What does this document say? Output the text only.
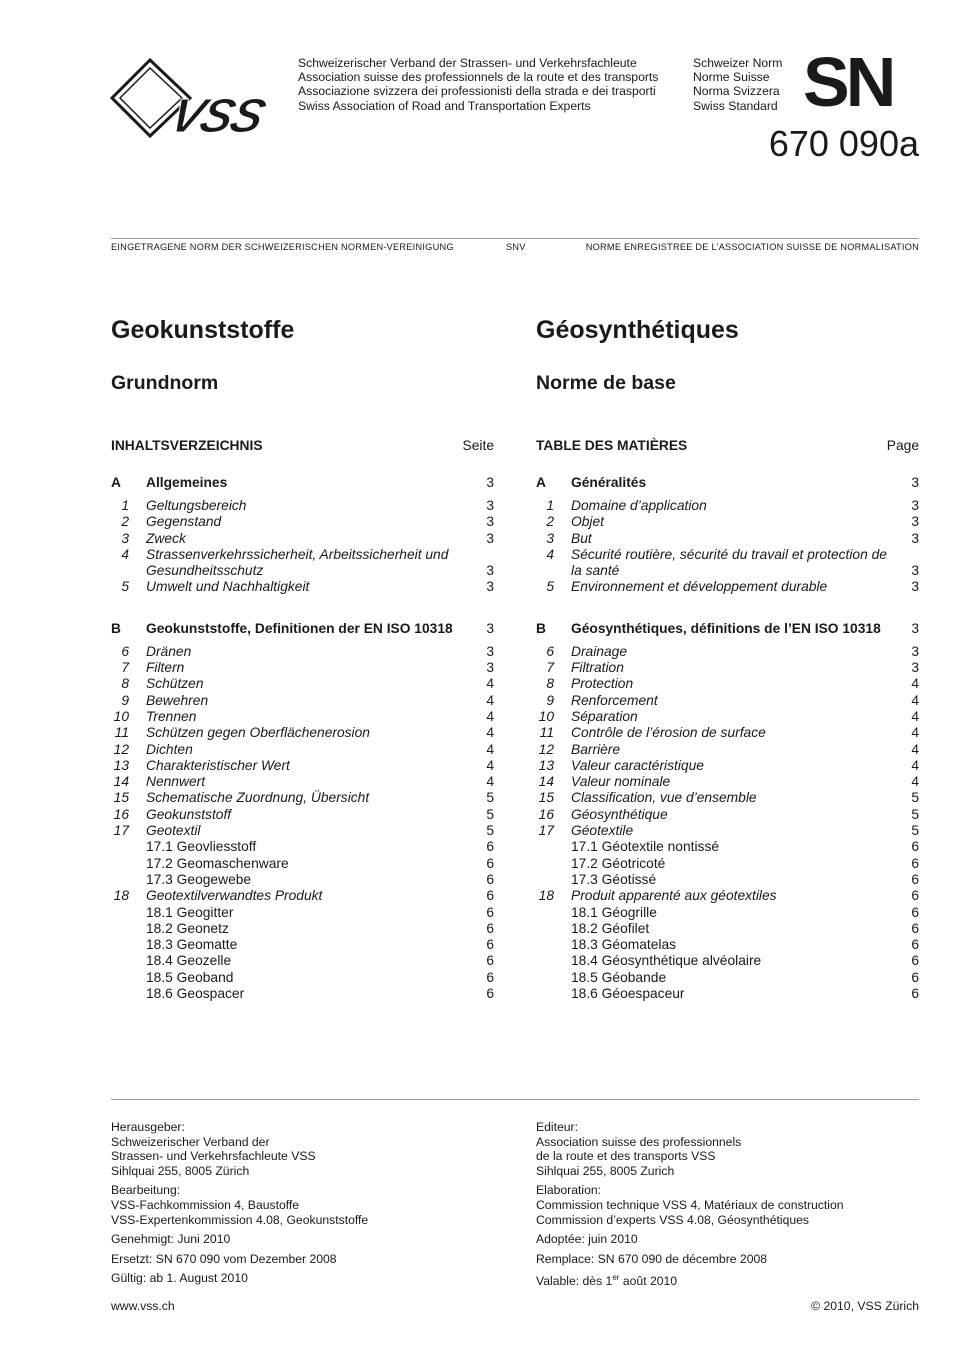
VSS
Schweizerischer Verband der Strassen- und Verkehrsfachleute
Association suisse des professionnels de la route et des transports
Associazione svizzera dei professionisti della strada e dei trasporti
Swiss Association of Road and Transportation Experts
Schweizer Norm
Norme Suisse
Norma Svizzera
Swiss Standard SN
670 090a
EINGETRAGENE NORM DER SCHWEIZERISCHEN NORMEN-VEREINIGUNG	SNV	NORME ENREGISTREE DE L’ASSOCIATION SUISSE DE NORMALISATION
Geokunststoffe
Grundnorm
INHALTSVERZEICHNIS	Seite
A	Allgemeines	3
1	Geltungsbereich	3
2	Gegenstand	3
3	Zweck	3
4	Strassenverkehrssicherheit, Arbeitssicherheit und Gesundheitsschutz	3
5	Umwelt und Nachhaltigkeit	3
B	Geokunststoffe, Definitionen der EN ISO 10318	3
6	Dränen	3
7	Filtern	3
8	Schützen	4
9	Bewehren	4
10	Trennen	4
11	Schützen gegen Oberflächenerosion	4
12	Dichten	4
13	Charakteristischer Wert	4
14	Nennwert	4
15	Schematische Zuordnung, Übersicht	5
16	Geokunststoff	5
17	Geotextil	5
17.1 Geovliesstoff	6
17.2 Geomaschenware	6
17.3 Geogewebe	6
18	Geotextilverwandtes Produkt	6
18.1 Geogitter	6
18.2 Geonetz	6
18.3 Geomatte	6
18.4 Geozelle	6
18.5 Geoband	6
18.6 Geospacer	6
Géosynthétiques
Norme de base
TABLE DES MATIÈRES	Page
A	Généralités	3
1	Domaine d’application	3
2	Objet	3
3	But	3
4	Sécurité routière, sécurité du travail et protection de la santé	3
5	Environnement et développement durable	3
B	Géosynthétiques, définitions de l’EN ISO 10318	3
6	Drainage	3
7	Filtration	3
8	Protection	4
9	Renforcement	4
10	Séparation	4
11	Contrôle de l’érosion de surface	4
12	Barrière	4
13	Valeur caractéristique	4
14	Valeur nominale	4
15	Classification, vue d’ensemble	5
16	Géosynthétique	5
17	Géotextile	5
17.1 Géotextile nontissé	6
17.2 Géotricoté	6
17.3 Géotissé	6
18	Produit apparenté aux géotextiles	6
18.1 Géogrille	6
18.2 Géofilet	6
18.3 Géomatelas	6
18.4 Géosynthétique alvéolaire	6
18.5 Géobande	6
18.6 Géoespaceur	6
Herausgeber:
Schweizerischer Verband der
Strassen- und Verkehrsfachleute VSS
Sihlquai 255, 8005 Zürich
Bearbeitung:
VSS-Fachkommission 4, Baustoffe
VSS-Expertenkommission 4.08, Geokunststoffe
Genehmigt: Juni 2010
Ersetzt: SN 670 090 vom Dezember 2008
Gültig: ab 1. August 2010
Editeur:
Association suisse des professionnels
de la route et des transports VSS
Sihlquai 255, 8005 Zurich
Elaboration:
Commission technique VSS 4, Matériaux de construction
Commission d’experts VSS 4.08, Géosynthétiques
Adoptée: juin 2010
Remplace: SN 670 090 de décembre 2008
Valable: dès 1er août 2010
www.vss.ch	© 2010, VSS Zürich
